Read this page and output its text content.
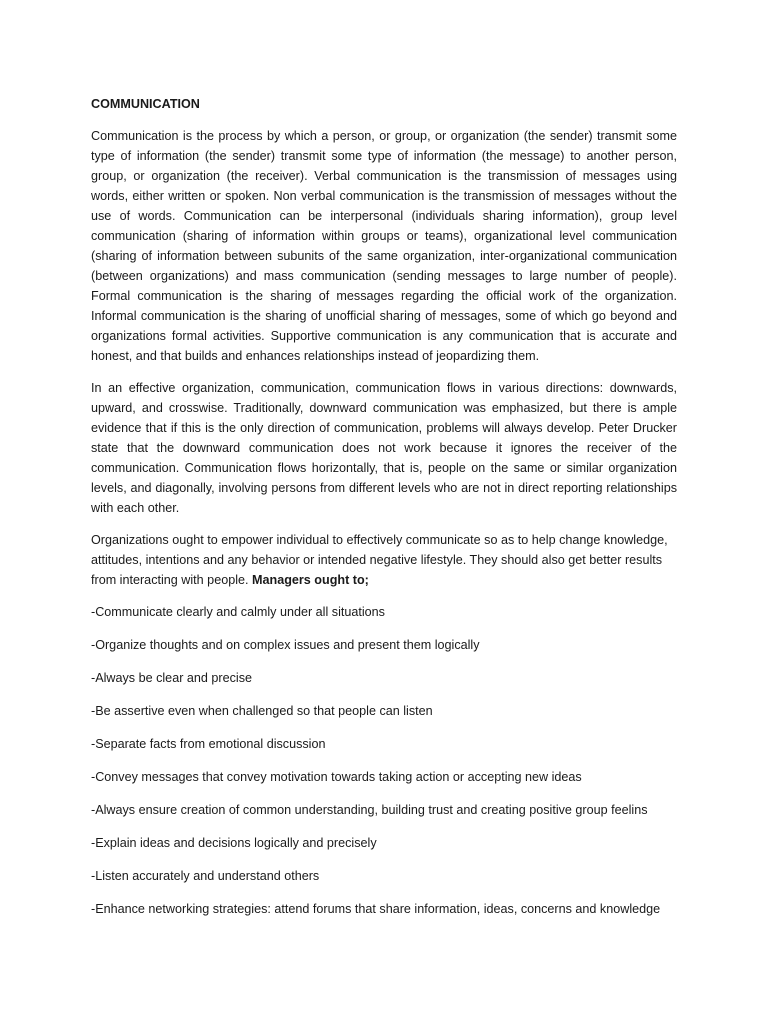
COMMUNICATION

Communication is the process by which a person, or group, or organization (the sender) transmit some type of information (the sender) transmit some type of information (the message) to another person, group, or organization (the receiver). Verbal communication is the transmission of messages using words, either written or spoken. Non verbal communication is the transmission of messages without the use of words. Communication can be interpersonal (individuals sharing information), group level communication (sharing of information within groups or teams), organizational level communication (sharing of information between subunits of the same organization, inter-organizational communication (between organizations) and mass communication (sending messages to large number of people). Formal communication is the sharing of messages regarding the official work of the organization. Informal communication is the sharing of unofficial sharing of messages, some of which go beyond and organizations formal activities. Supportive communication is any communication that is accurate and honest, and that builds and enhances relationships instead of jeopardizing them.

In an effective organization, communication, communication flows in various directions: downwards, upward, and crosswise. Traditionally, downward communication was emphasized, but there is ample evidence that if this is the only direction of communication, problems will always develop. Peter Drucker state that the downward communication does not work because it ignores the receiver of the communication. Communication flows horizontally, that is, people on the same or similar organization levels, and diagonally, involving persons from different levels who are not in direct reporting relationships with each other.

Organizations ought to empower individual to effectively communicate so as to help change knowledge, attitudes, intentions and any behavior or intended negative lifestyle. They should also get better results from interacting with people. Managers ought to;

-Communicate clearly and calmly under all situations
-Organize thoughts and on complex issues and present them logically
-Always be clear and precise
-Be assertive even when challenged so that people can listen
-Separate facts from emotional discussion
-Convey messages that convey motivation towards taking action or accepting new ideas
-Always ensure creation of common understanding, building trust and creating positive group feelins
-Explain ideas and decisions logically and precisely
-Listen accurately and understand others
-Enhance networking strategies: attend forums that share information, ideas, concerns and knowledge
